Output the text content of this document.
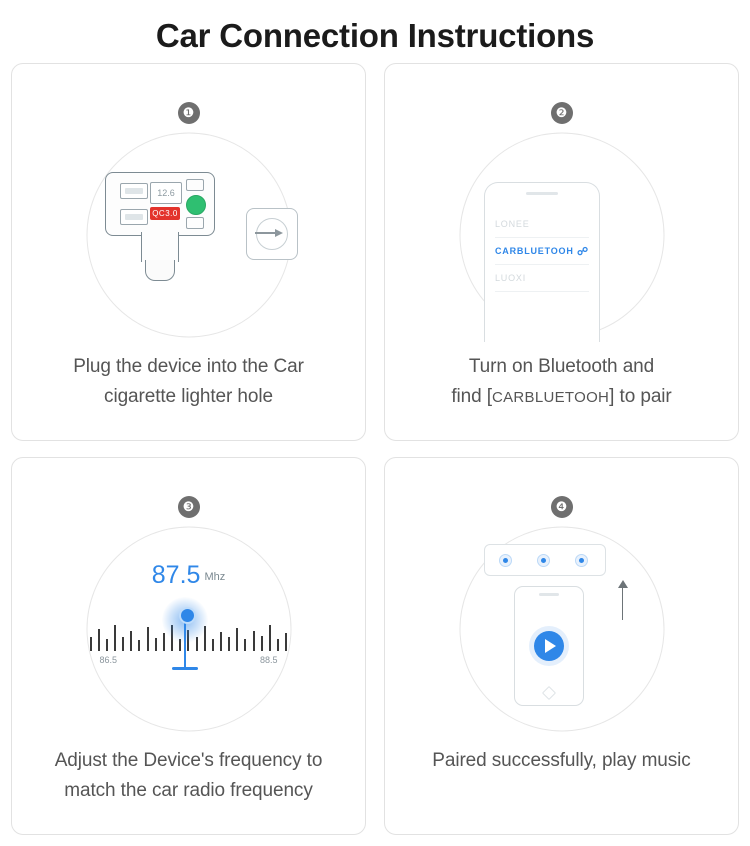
Car Connection Instructions
❶
12.6
QC3.0
Plug the device into the Car
cigarette lighter hole
❷
LONEE
CARBLUETOOH ☍
LUOXI
Turn on Bluetooth and
find [CARBLUETOOH] to pair
❸
87.5 Mhz
86.5	88.5
Adjust the Device's frequency to
match the car radio frequency
❹
Paired successfully, play music
